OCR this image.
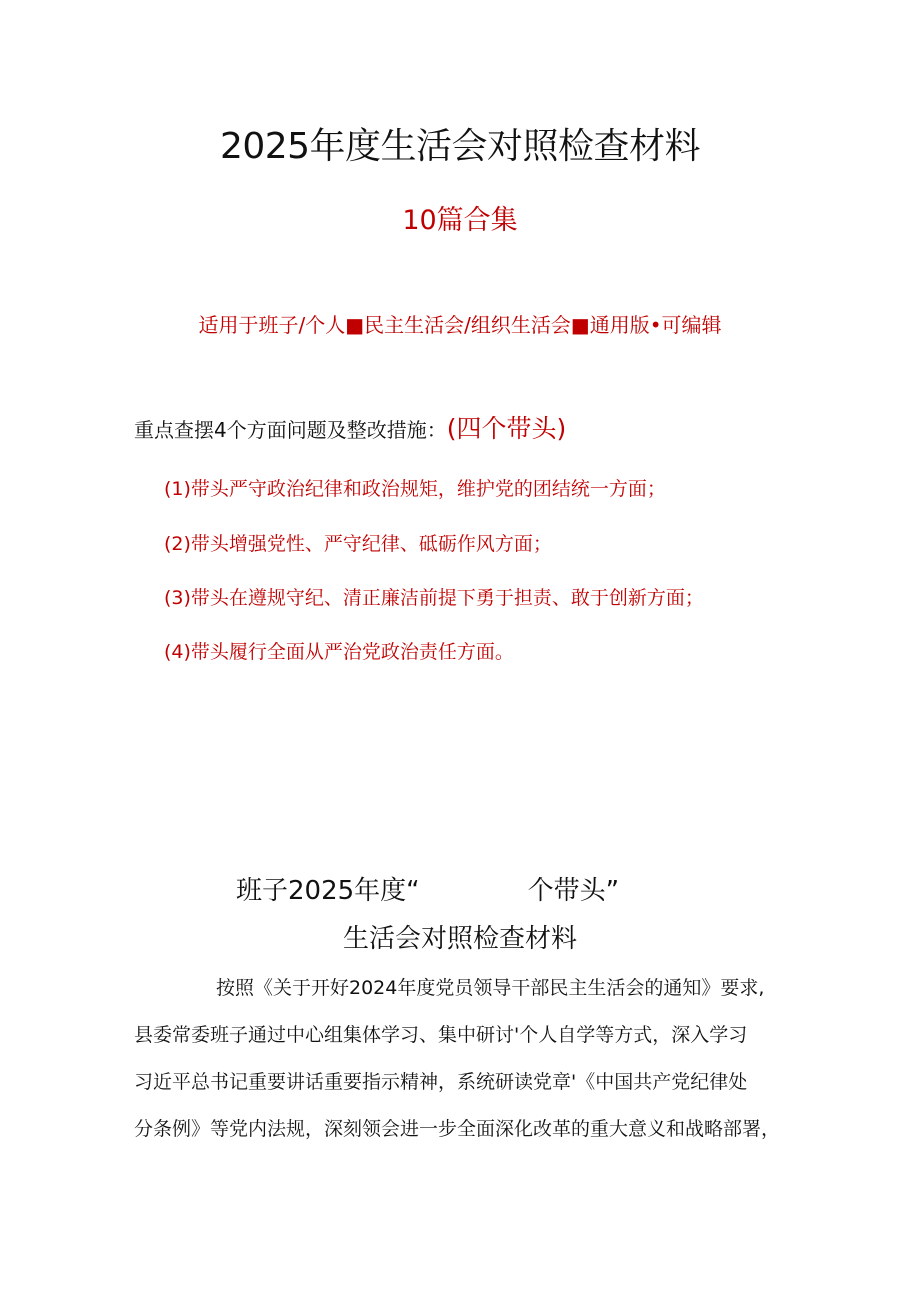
2025年度生活会对照检查材料
10篇合集
适用于班子/个人■民主生活会/组织生活会■通用版•可编辑
重点查摆4个方面问题及整改措施：(四个带头)
(1)带头严守政治纪律和政治规矩，维护党的团结统一方面；
(2)带头增强党性、严守纪律、砥砺作风方面；
(3)带头在遵规守纪、清正廉洁前提下勇于担责、敢于创新方面；
(4)带头履行全面从严治党政治责任方面。
班子2025年度“	个带头”
生活会对照检查材料
按照《关于开好2024年度党员领导干部民主生活会的通知》要求,
县委常委班子通过中心组集体学习、集中研讨'个人自学等方式，深入学习
习近平总书记重要讲话重要指示精神，系统研读党章'《中国共产党纪律处
分条例》等党内法规，深刻领会进一步全面深化改革的重大意义和战略部署，
